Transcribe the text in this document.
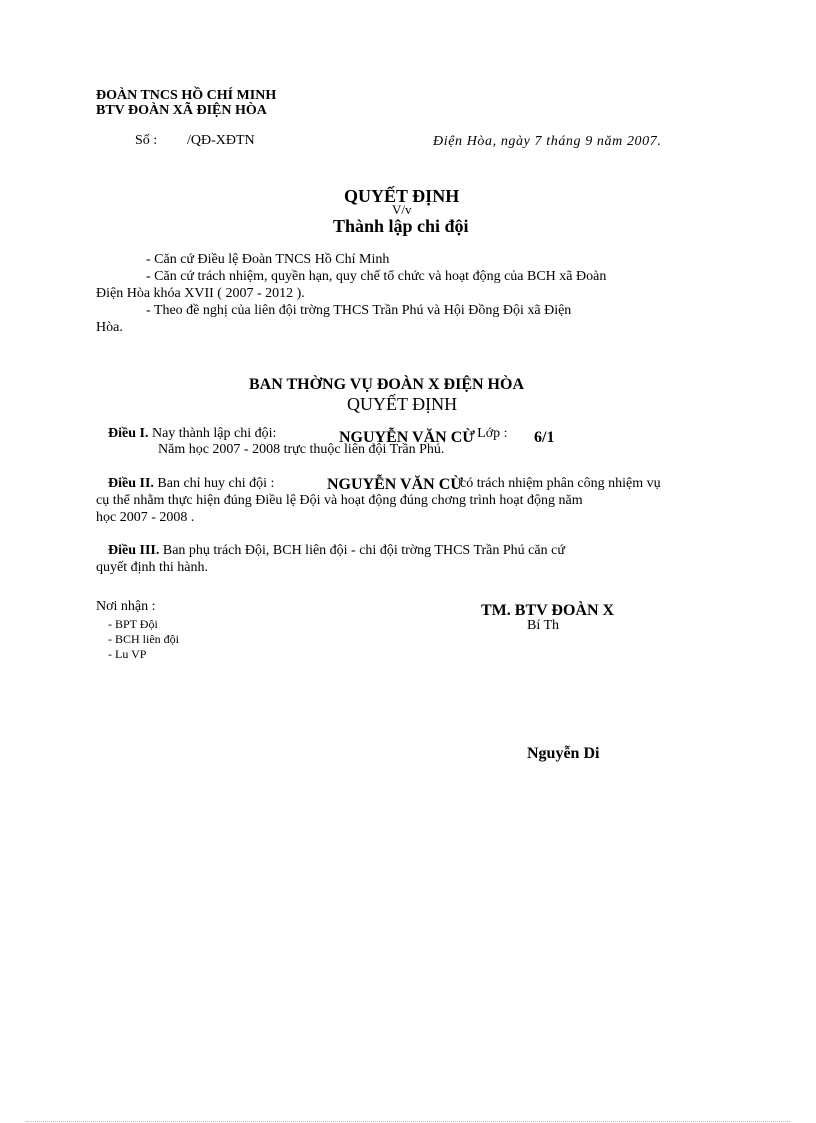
ĐOÀN TNCS HỒ CHÍ MINH
BTV ĐOÀN XÃ ĐIỆN HÒA
Số : /QĐ-XĐTN	Điện Hòa, ngày 7 tháng 9 năm 2007.
QUYẾT ĐỊNH
V/v
Thành lập chi đội
- Căn cứ Điều lệ Đoàn TNCS Hồ Chí Minh
- Căn cứ trách nhiệm, quyền hạn, quy chế tổ chức và hoạt động của BCH xã Đoàn
Điện Hòa khóa XVII ( 2007 - 2012 ).
- Theo đề nghị của liên đội trờng THCS Trần Phú và Hội Đồng Đội xã Điện
Hòa.
BAN THỜNG VỤ ĐOÀN X ĐIỆN HÒA
QUYẾT ĐỊNH
Điều I. Nay thành lập chi đội:	NGUYỄN VĂN CỪ
- Lớp : 6/1
Năm học 2007 - 2008 trực thuộc liên đội Trần Phú.
Điều II. Ban chỉ huy chi đội :	NGUYỄN VĂN CỪ
có trách nhiệm phân công nhiệm vụ
cụ thể nhằm thực hiện đúng Điều lệ Đội và hoạt động đúng chơng trình hoạt động năm
học 2007 - 2008 .
Điều III. Ban phụ trách Đội, BCH liên đội - chi đội trờng THCS Trần Phú căn cứ
quyết định thi hành.
Nơi nhận :
- BPT Đội
- BCH liên đội
- Lu VP
TM. BTV ĐOÀN X
Bí Th
Nguyễn Di
